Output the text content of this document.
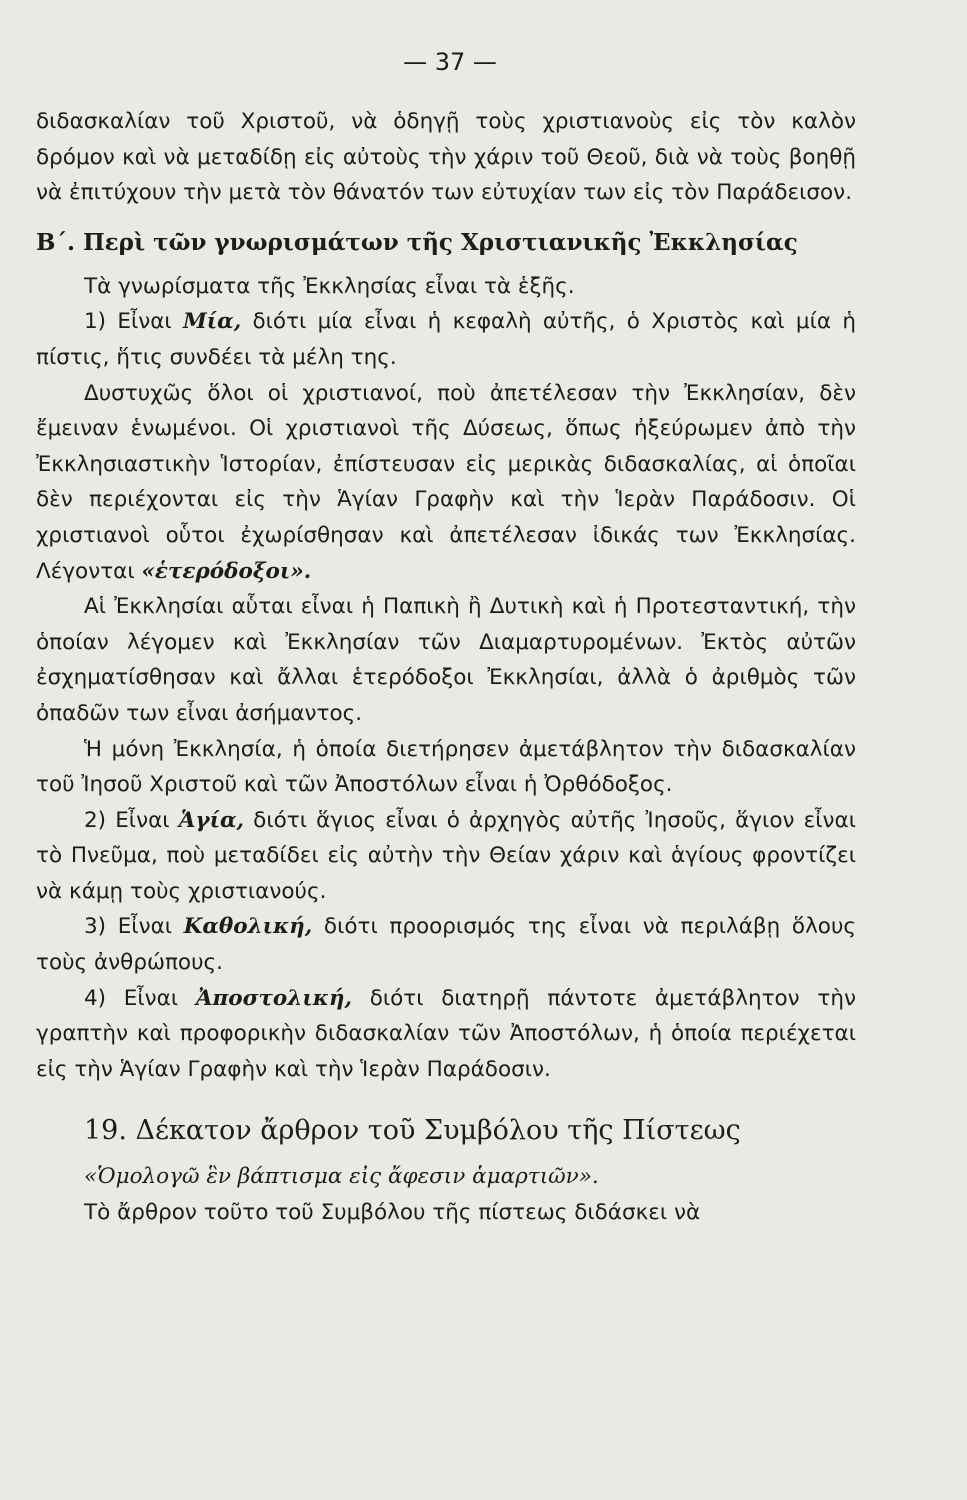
— 37 —

διδασκαλίαν τοῦ Χριστοῦ, νὰ ὁδηγῇ τοὺς χριστιανοὺς εἰς τὸν καλὸν δρόμον καὶ νὰ μεταδίδῃ εἰς αὐτοὺς τὴν χάριν τοῦ Θεοῦ, διὰ νὰ τοὺς βοηθῇ νὰ ἐπιτύχουν τὴν μετὰ τὸν θάνατόν των εὐτυχίαν των εἰς τὸν Παράδεισον.

Β΄. Περὶ τῶν γνωρισμάτων τῆς Χριστιανικῆς Ἐκκλησίας

Τὰ γνωρίσματα τῆς Ἐκκλησίας εἶναι τὰ ἑξῆς.

1) Εἶναι Μία, διότι μία εἶναι ἡ κεφαλὴ αὐτῆς, ὁ Χριστὸς καὶ μία ἡ πίστις, ἥτις συνδέει τὰ μέλη της.

Δυστυχῶς ὅλοι οἱ χριστιανοί, ποὺ ἀπετέλεσαν τὴν Ἐκκλησίαν, δὲν ἔμειναν ἑνωμένοι. Οἱ χριστιανοὶ τῆς Δύσεως, ὅπως ἠξεύρωμεν ἀπὸ τὴν Ἐκκλησιαστικὴν Ἱστορίαν, ἐπίστευσαν εἰς μερικὰς διδασκαλίας, αἱ ὁποῖαι δὲν περιέχονται εἰς τὴν Ἁγίαν Γραφὴν καὶ τὴν Ἱερὰν Παράδοσιν. Οἱ χριστιανοὶ οὗτοι ἐχωρίσθησαν καὶ ἀπετέλεσαν ἰδικάς των Ἐκκλησίας. Λέγονται «ἑτερόδοξοι».

Αἱ Ἐκκλησίαι αὗται εἶναι ἡ Παπικὴ ἢ Δυτικὴ καὶ ἡ Προτεσταντική, τὴν ὁποίαν λέγομεν καὶ Ἐκκλησίαν τῶν Διαμαρτυρομένων. Ἐκτὸς αὐτῶν ἐσχηματίσθησαν καὶ ἄλλαι ἑτερόδοξοι Ἐκκλησίαι, ἀλλὰ ὁ ἀριθμὸς τῶν ὀπαδῶν των εἶναι ἀσήμαντος.

Ἡ μόνη Ἐκκλησία, ἡ ὁποία διετήρησεν ἀμετάβλητον τὴν διδασκαλίαν τοῦ Ἰησοῦ Χριστοῦ καὶ τῶν Ἀποστόλων εἶναι ἡ Ὀρθόδοξος.

2) Εἶναι Ἁγία, διότι ἅγιος εἶναι ὁ ἀρχηγὸς αὐτῆς Ἰησοῦς, ἅγιον εἶναι τὸ Πνεῦμα, ποὺ μεταδίδει εἰς αὐτὴν τὴν Θείαν χάριν καὶ ἁγίους φροντίζει νὰ κάμῃ τοὺς χριστιανούς.

3) Εἶναι Καθολική, διότι προορισμός της εἶναι νὰ περιλάβῃ ὅλους τοὺς ἀνθρώπους.

4) Εἶναι Ἀποστολική, διότι διατηρῇ πάντοτε ἀμετάβλητον τὴν γραπτὴν καὶ προφορικὴν διδασκαλίαν τῶν Ἀποστόλων, ἡ ὁποία περιέχεται εἰς τὴν Ἁγίαν Γραφὴν καὶ τὴν Ἱερὰν Παράδοσιν.

19. Δέκατον ἄρθρον τοῦ Συμβόλου τῆς Πίστεως

«Ὁμολογῶ ἓν βάπτισμα εἰς ἄφεσιν ἁμαρτιῶν».

Τὸ ἄρθρον τοῦτο τοῦ Συμβόλου τῆς πίστεως διδάσκει νὰ
